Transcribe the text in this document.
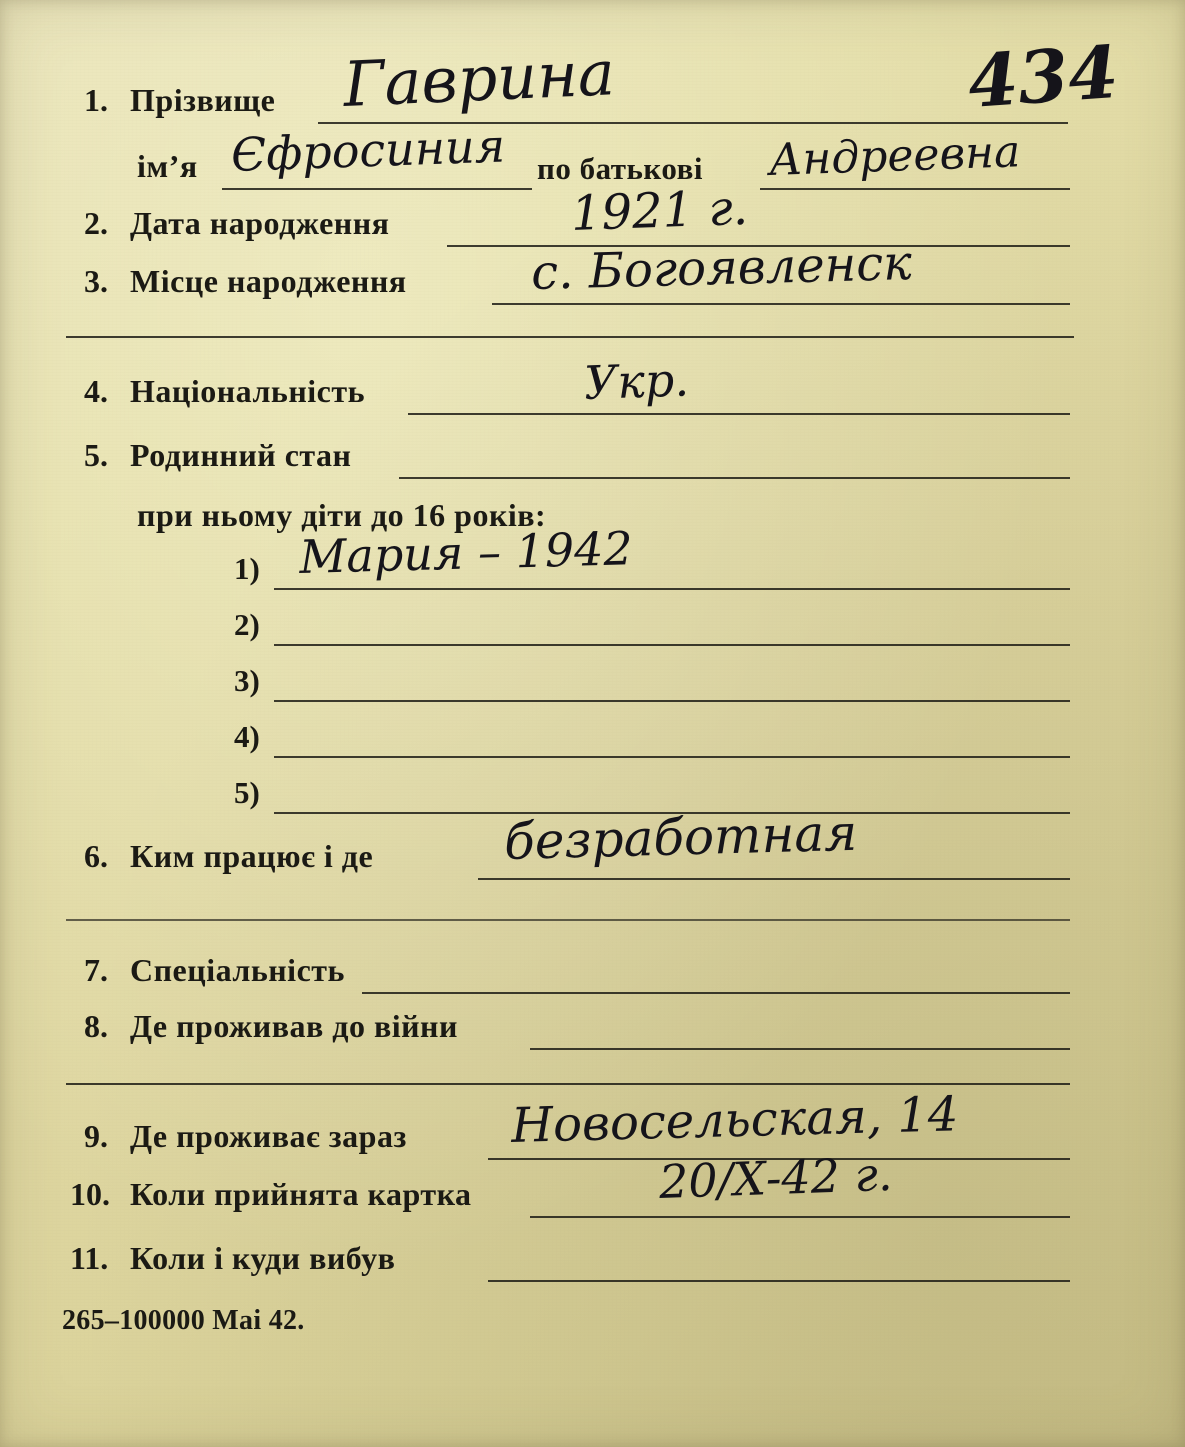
434
1. Прізвище Гаврина
ім’я Єфросиния по батькові Андреевна
2. Дата народження	1921 г.
3. Місце народження	с. Богоявленск
4. Національність	Укр.
5. Родинний стан
при ньому діти до 16 років:
1) Мария – 1942
2)
3)
4)
5)
6. Ким працює і де	безработная
7. Спеціальність
8. Де проживав до війни
9. Де проживає зараз Новосельская, 14
10. Коли прийнята картка	20/Х-42 г.
11. Коли і куди вибув
265–100000 Mai 42.
